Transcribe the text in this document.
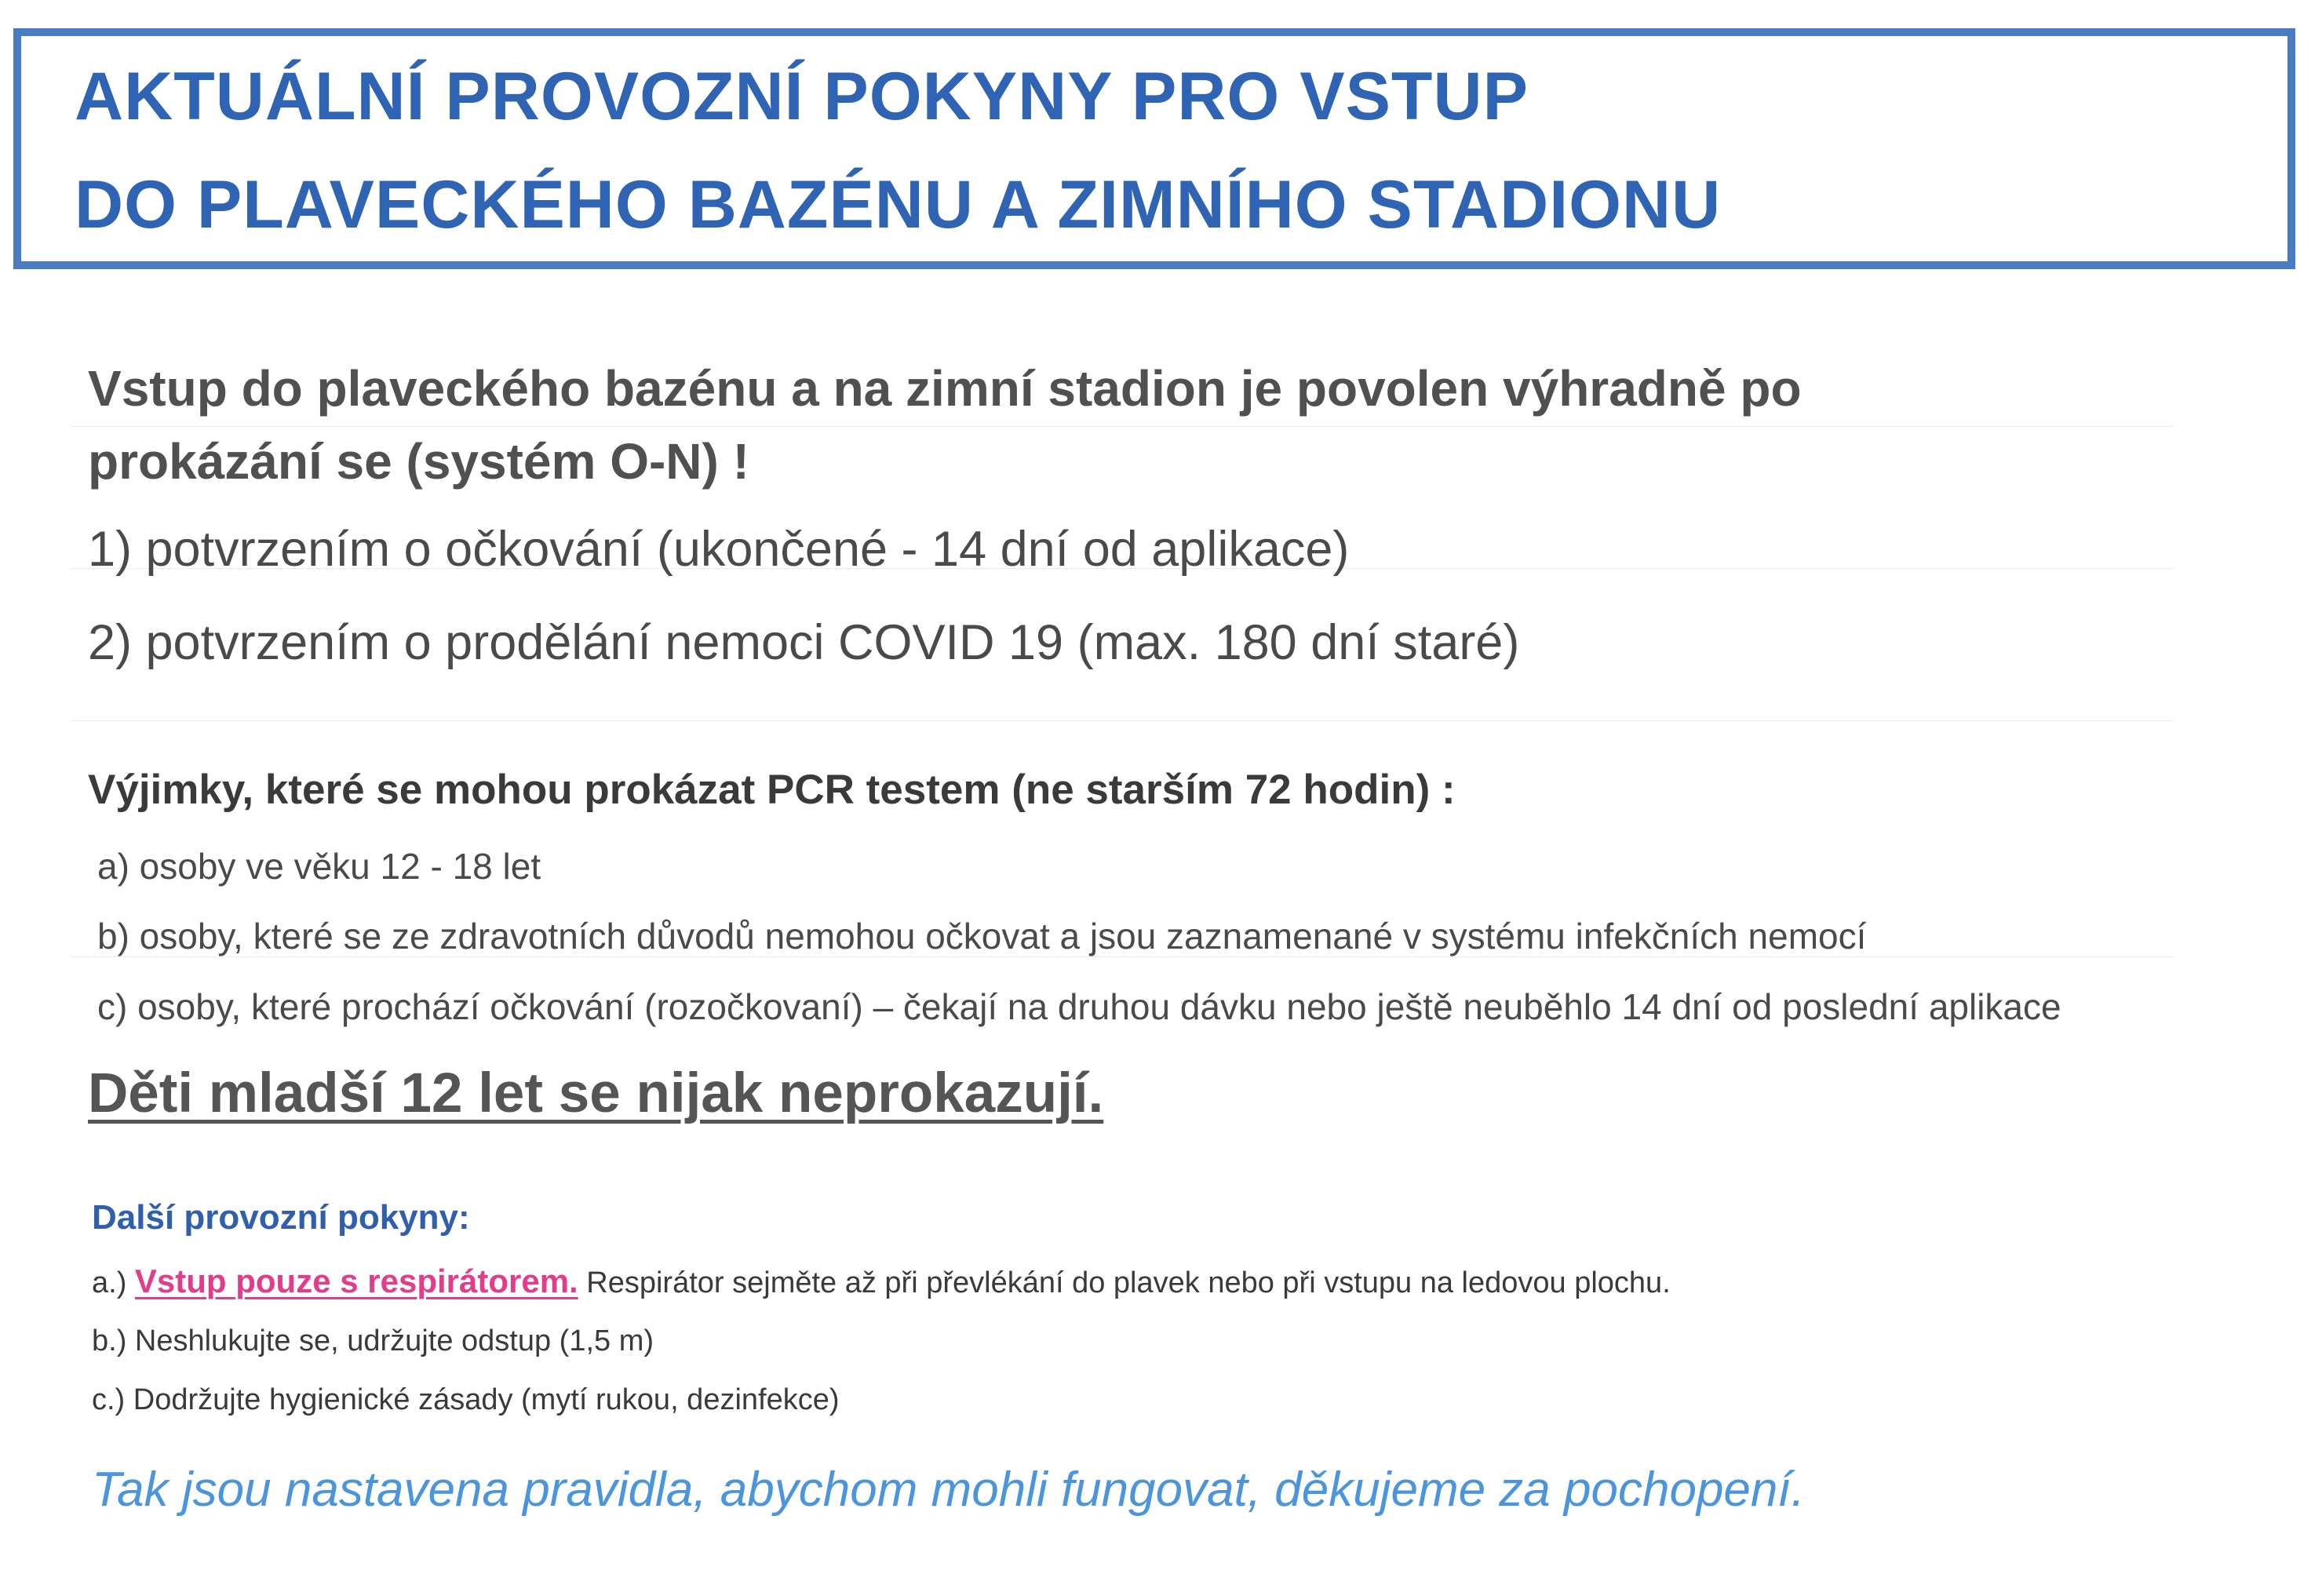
AKTUÁLNÍ PROVOZNÍ POKYNY PRO VSTUP
DO PLAVECKÉHO BAZÉNU A ZIMNÍHO STADIONU
Vstup do plaveckého bazénu a na zimní stadion je povolen výhradně po
prokázání se (systém O-N) !
1) potvrzením o očkování (ukončené - 14 dní od aplikace)
2) potvrzením o prodělání nemoci COVID 19 (max. 180 dní staré)
Výjimky, které se mohou prokázat PCR testem (ne starším 72 hodin) :
a) osoby ve věku 12 - 18 let
b) osoby, které se ze zdravotních důvodů nemohou očkovat a jsou zaznamenané v systému infekčních nemocí
c) osoby, které prochází očkování (rozočkovaní) – čekají na druhou dávku nebo ještě neuběhlo 14 dní od poslední aplikace
Děti mladší 12 let se nijak neprokazují.
Další provozní pokyny:
a.) Vstup pouze s respirátorem. Respirátor sejměte až při převlékání do plavek nebo při vstupu na ledovou plochu.
b.) Neshlukujte se, udržujte odstup (1,5 m)
c.) Dodržujte hygienické zásady (mytí rukou, dezinfekce)
Tak jsou nastavena pravidla, abychom mohli fungovat, děkujeme za pochopení.
